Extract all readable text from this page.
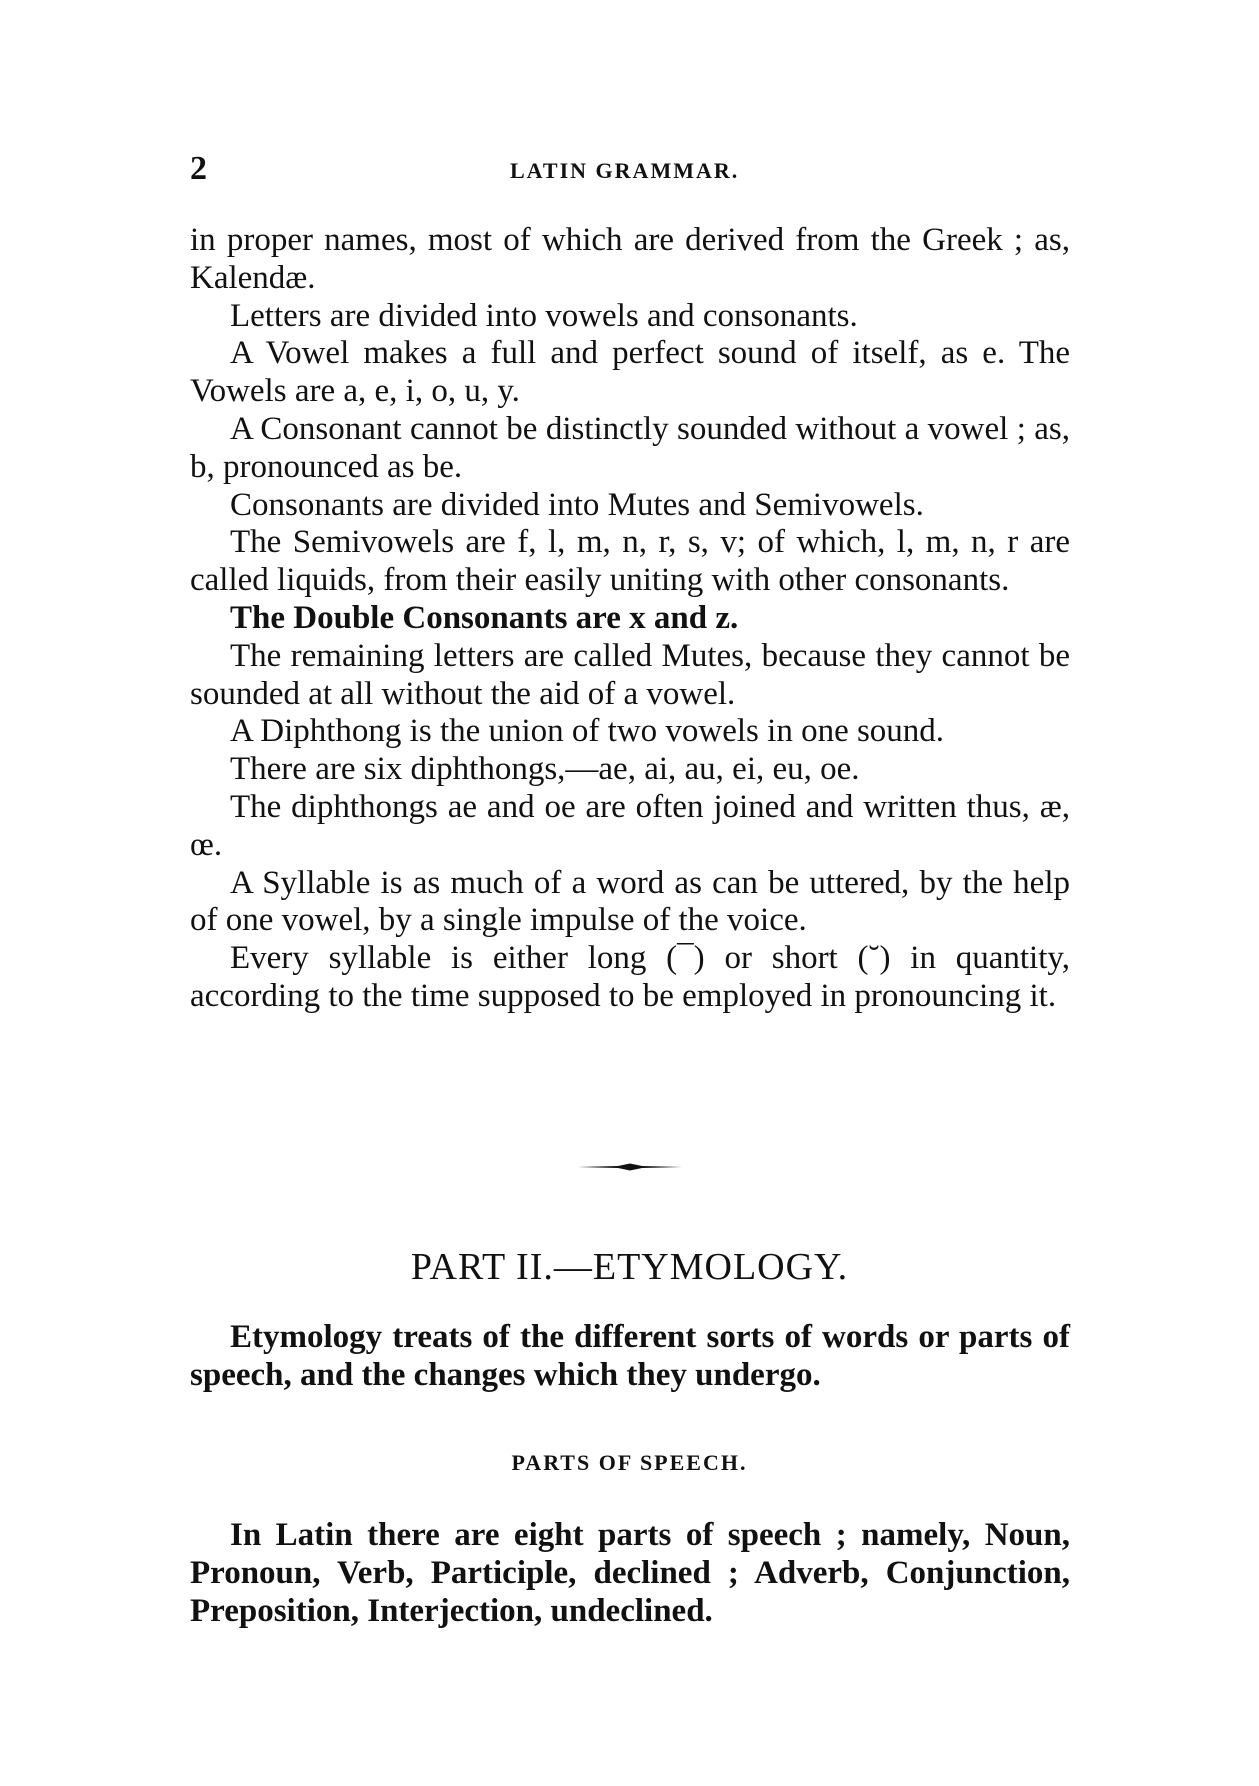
2	LATIN GRAMMAR.

in proper names, most of which are derived from the Greek ; as, Kalendæ.

Letters are divided into vowels and consonants.

A Vowel makes a full and perfect sound of itself, as e. The Vowels are a, e, i, o, u, y.

A Consonant cannot be distinctly sounded without a vowel ; as, b, pronounced as be.

Consonants are divided into Mutes and Semivowels.

The Semivowels are f, l, m, n, r, s, v; of which, l, m, n, r are called liquids, from their easily uniting with other consonants.

The Double Consonants are x and z.

The remaining letters are called Mutes, because they cannot be sounded at all without the aid of a vowel.

A Diphthong is the union of two vowels in one sound.

There are six diphthongs,—ae, ai, au, ei, eu, oe.

The diphthongs ae and oe are often joined and written thus, æ, œ.

A Syllable is as much of a word as can be uttered, by the help of one vowel, by a single impulse of the voice.

Every syllable is either long (¯) or short (˘) in quantity, according to the time supposed to be employed in pronouncing it.

PART II.—ETYMOLOGY.

Etymology treats of the different sorts of words or parts of speech, and the changes which they undergo.

PARTS OF SPEECH.

In Latin there are eight parts of speech ; namely, Noun, Pronoun, Verb, Participle, declined ; Adverb, Conjunction, Preposition, Interjection, undeclined.
